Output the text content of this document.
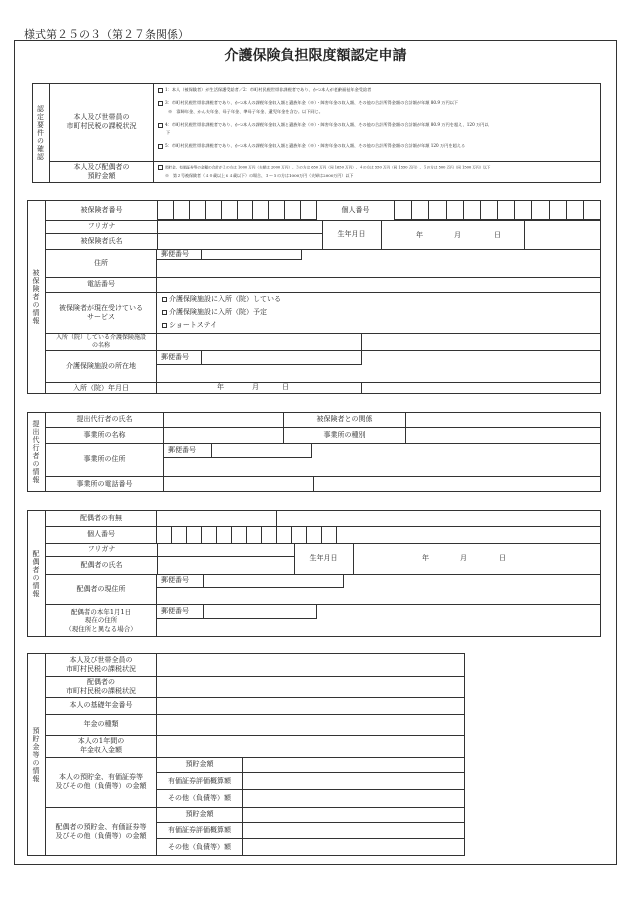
様式第２５の３（第２７条関係）
介護保険負担限度額認定申請
認定要件の確認	本人及び世帯員の
市町村民税の課税状況
本人及び配偶者の
預貯金額
1：本人（被保険者）が生活保護受給者／2：市町村民税世帯非課税者であり、かつ本人が老齢福祉年金受給者
3：市町村民税世帯非課税者であり、かつ本人の課税年金収入額と遺族年金（※）・障害年金の収入額、その他の合計所得金額の合計額が年額 80.9 万円以下
※　寡婦年金、かん夫年金、母子年金、準母子年金、遺児年金を含む。以下同じ。
4：市町村民税世帯非課税者であり、かつ本人の課税年金収入額と遺族年金（※）・障害年金の収入額、その他の合計所得金額の合計額が年額 80.9 万円を超え、120 万円以
下
5：市町村民税世帯非課税者であり、かつ本人の課税年金収入額と遺族年金（※）・障害年金の収入額、その他の合計所得金額の合計額が年額 120 万円を超える
預貯金、有価証券等の金額の合計が２の方は 1000 万円（夫婦は 2000 万円）、３の方は 650 万円（同 1650 万円）、４の方は 550 万円（同 1550 万円）、５の方は 500 万円（同 1500 万円）以下
※　第２号被保険者（４０歳以上６４歳以下）の場合、３～５の方は1000万円（夫婦は2000万円）以下
被保険者の情報
被保険者番号	個人番号
フリガナ
被保険者氏名
生年月日	年	月	日
住所
郵便番号
電話番号
被保険者が現在受けている
サービス
介護保険施設に入所（院）している
介護保険施設に入所（院）予定
ショートステイ
入所（院）している介護保険施設
の名称
介護保険施設の所在地
郵便番号
入所（院）年月日	年	月	日
提出代行者の情報
提出代行者の氏名	被保険者との関係
事業所の名称	事業所の種別
事業所の住所
郵便番号
事業所の電話番号
配偶者の情報
配偶者の有無
個人番号
フリガナ
配偶者の氏名
生年月日	年	月	日
配偶者の現住所
郵便番号
配偶者の本年1月1日
現在の住所
（現住所と異なる場合）
郵便番号
預貯金等の情報
本人及び世帯全員の
市町村民税の課税状況
配偶者の
市町村民税の課税状況
本人の基礎年金番号
年金の種類
本人の1年間の
年金収入金額
本人の預貯金、有価証券等
及びその他（負債等）の金額
預貯金額
有価証券評価概算額
その他（負債等）額
配偶者の預貯金、有価証券等
及びその他（負債等）の金額
預貯金額
有価証券評価概算額
その他（負債等）額
